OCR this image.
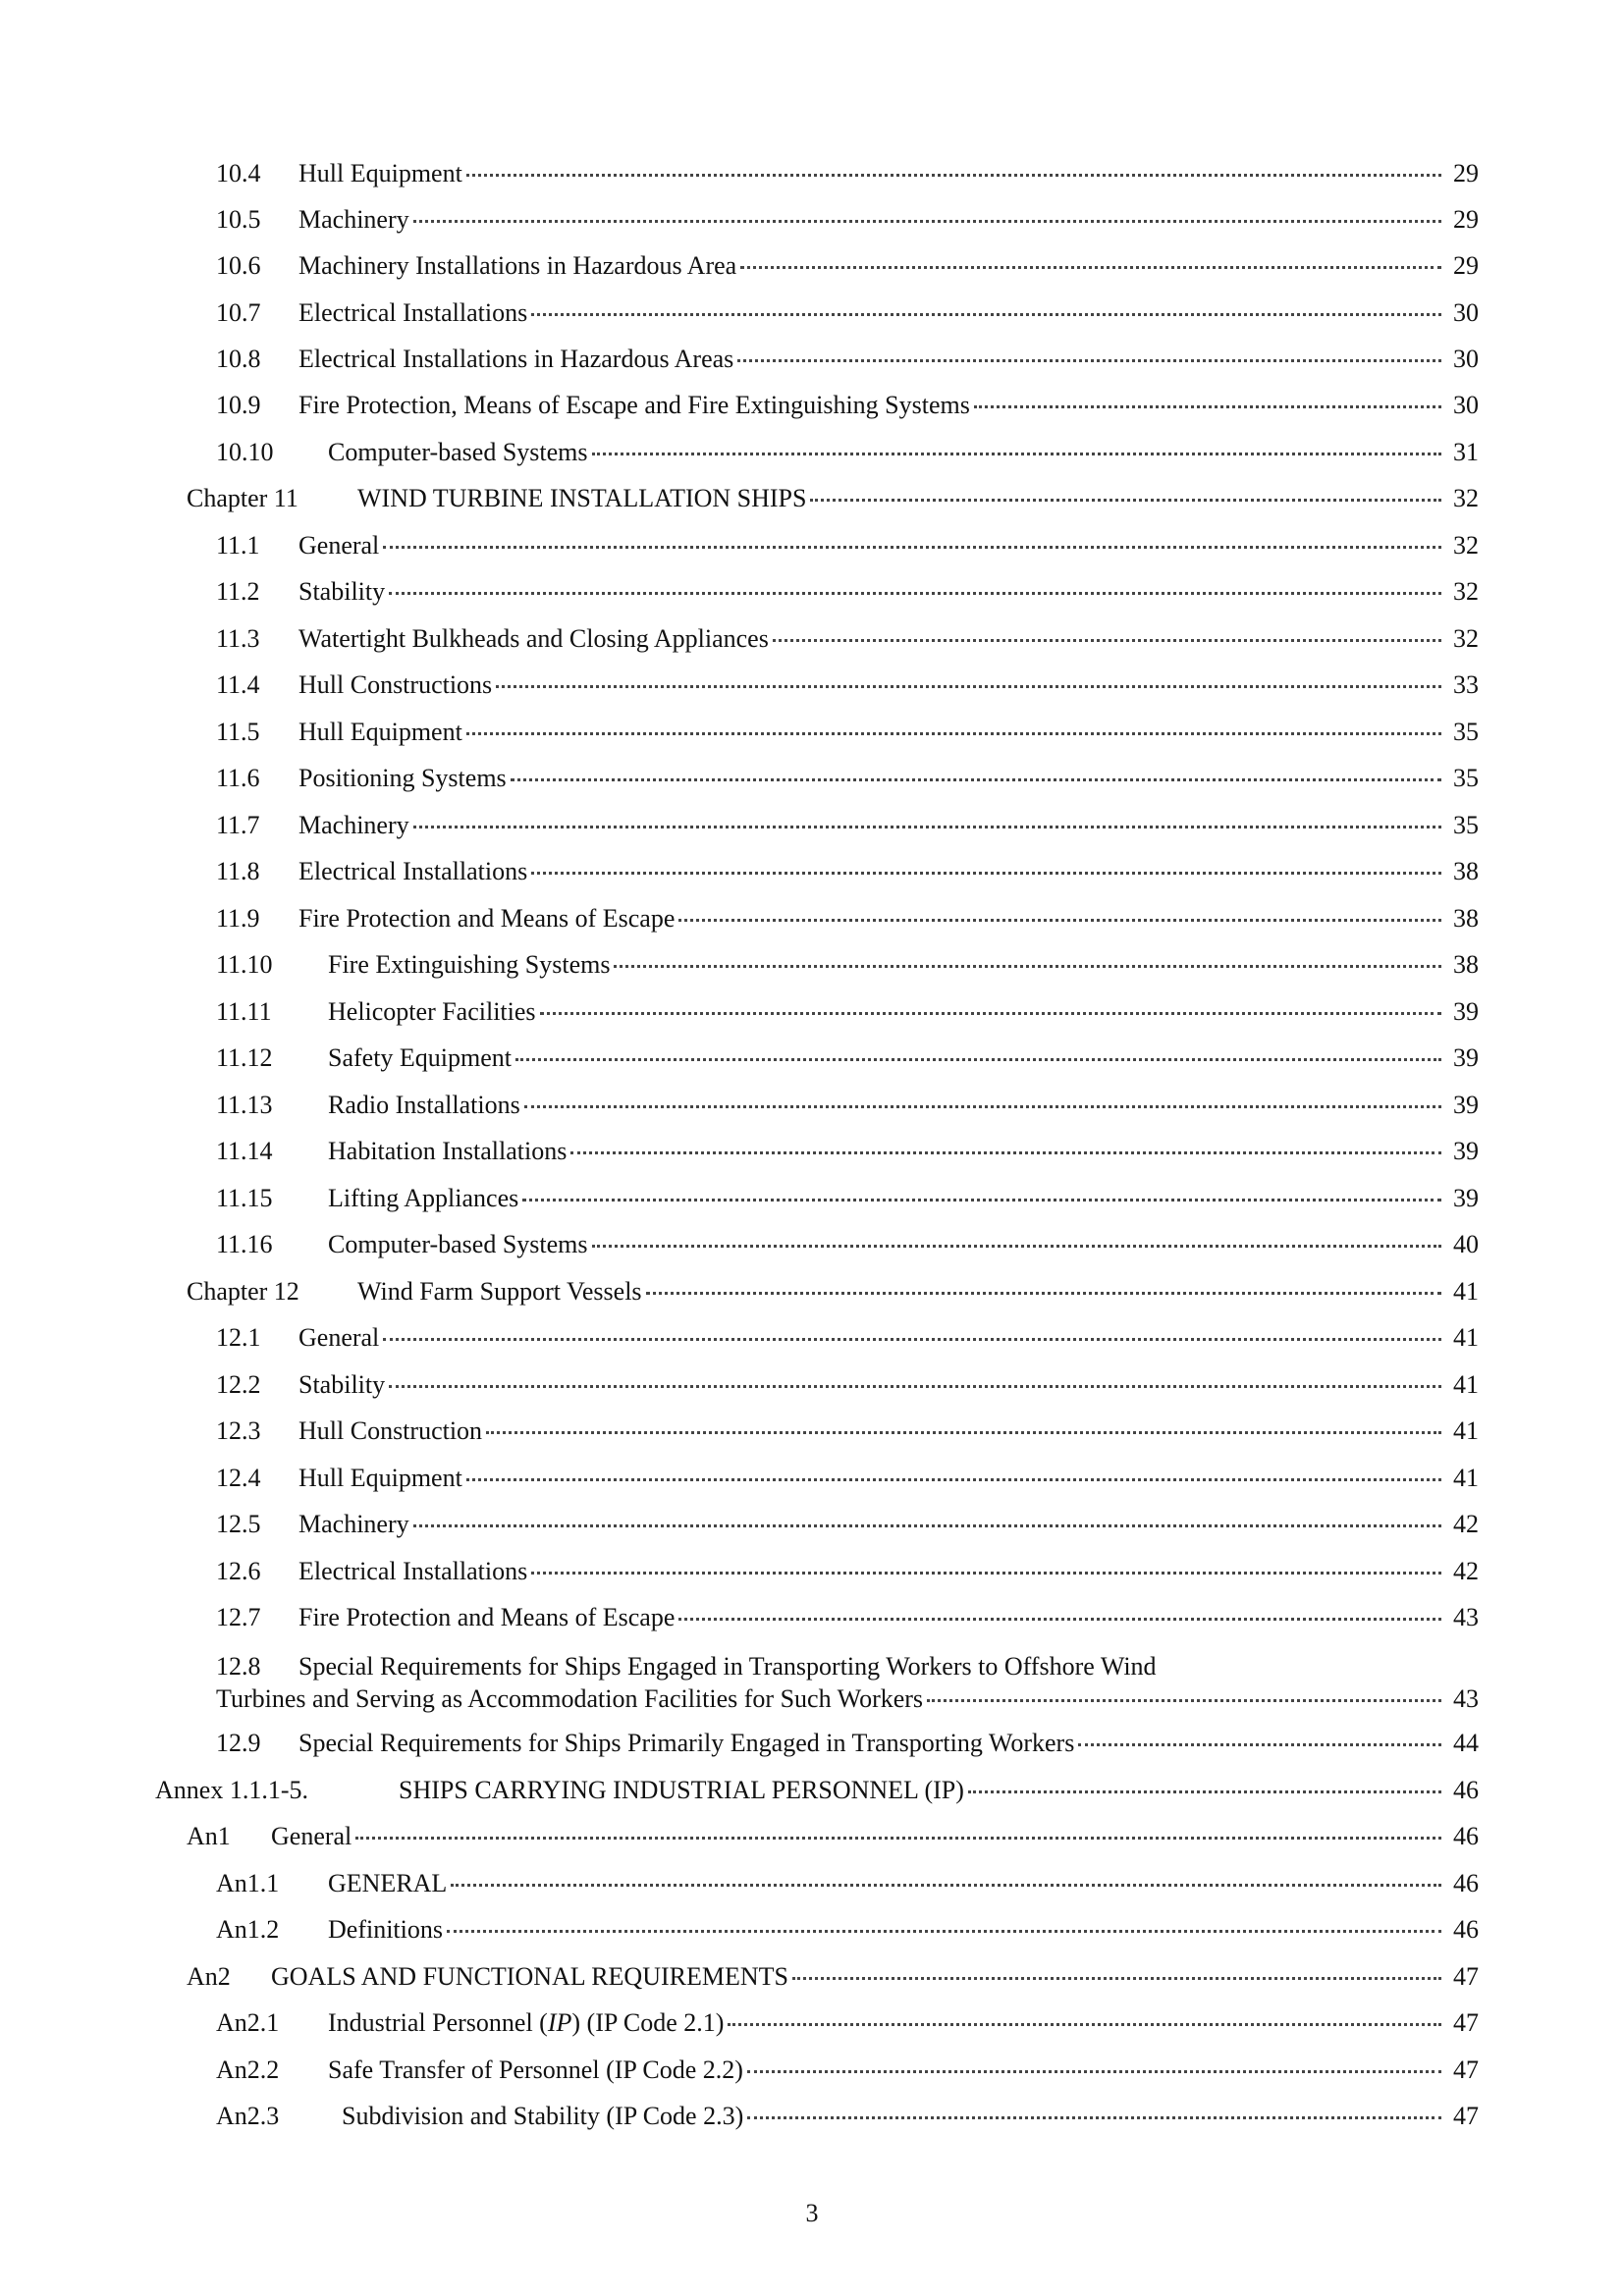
10.4	Hull Equipment	29
10.5	Machinery	29
10.6	Machinery Installations in Hazardous Area	29
10.7	Electrical Installations	30
10.8	Electrical Installations in Hazardous Areas	30
10.9	Fire Protection, Means of Escape and Fire Extinguishing Systems	30
10.10	Computer-based Systems	31
Chapter 11	WIND TURBINE INSTALLATION SHIPS	32
11.1	General	32
11.2	Stability	32
11.3	Watertight Bulkheads and Closing Appliances	32
11.4	Hull Constructions	33
11.5	Hull Equipment	35
11.6	Positioning Systems	35
11.7	Machinery	35
11.8	Electrical Installations	38
11.9	Fire Protection and Means of Escape	38
11.10	Fire Extinguishing Systems	38
11.11	Helicopter Facilities	39
11.12	Safety Equipment	39
11.13	Radio Installations	39
11.14	Habitation Installations	39
11.15	Lifting Appliances	39
11.16	Computer-based Systems	40
Chapter 12	Wind Farm Support Vessels	41
12.1	General	41
12.2	Stability	41
12.3	Hull Construction	41
12.4	Hull Equipment	41
12.5	Machinery	42
12.6	Electrical Installations	42
12.7	Fire Protection and Means of Escape	43
12.8 Special Requirements for Ships Engaged in Transporting Workers to Offshore Wind
Turbines and Serving as Accommodation Facilities for Such Workers	43
12.9	Special Requirements for Ships Primarily Engaged in Transporting Workers	44
Annex 1.1.1-5.	SHIPS CARRYING INDUSTRIAL PERSONNEL (IP)	46
An1	General	46
An1.1	GENERAL	46
An1.2	Definitions	46
An2	GOALS AND FUNCTIONAL REQUIREMENTS	47
An2.1	Industrial Personnel (IP) (IP Code 2.1)	47
An2.2	Safe Transfer of Personnel (IP Code 2.2)	47
An2.3	Subdivision and Stability (IP Code 2.3)	47
3
